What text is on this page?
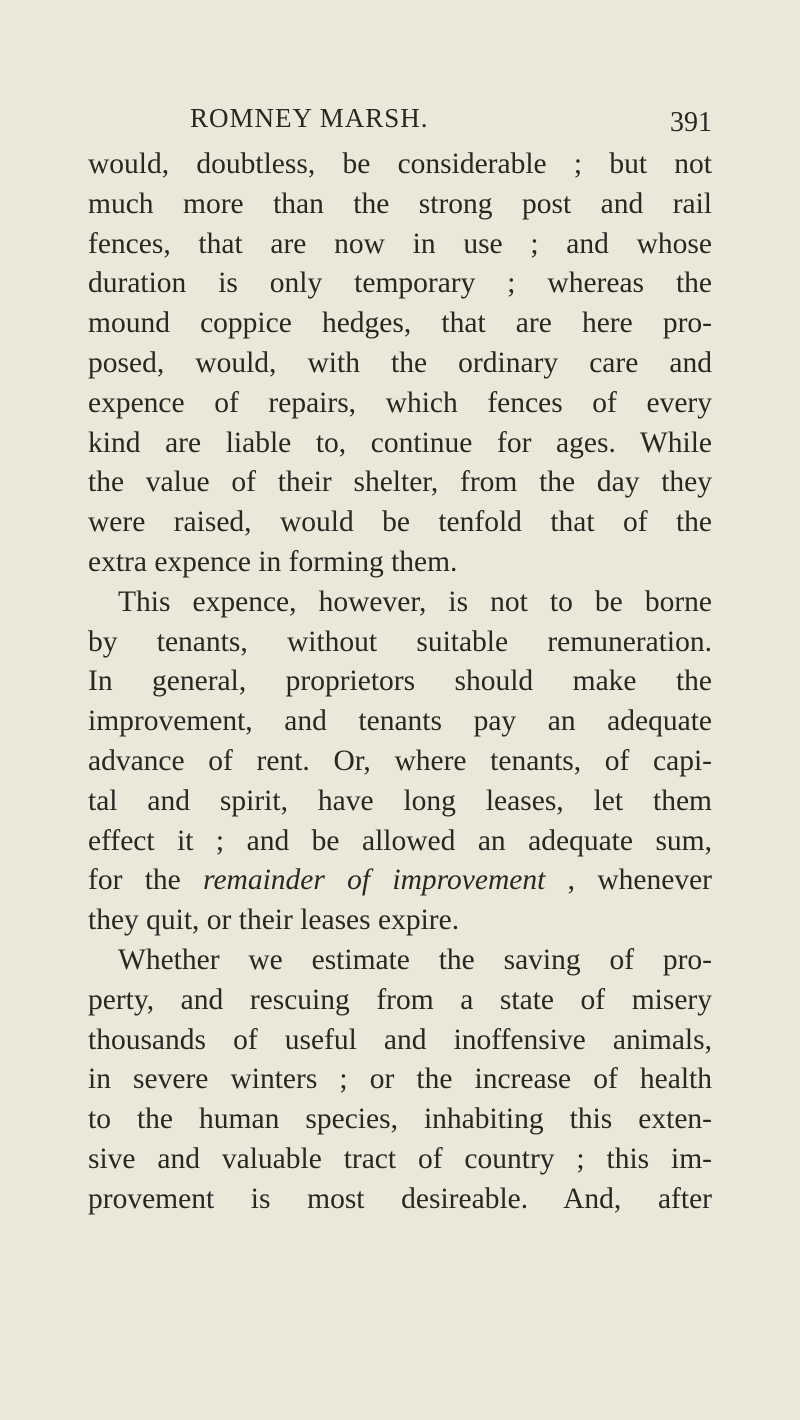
ROMNEY MARSH.	391
would, doubtless, be considerable ; but not
much more than the strong post and rail
fences, that are now in use ; and whose
duration is only temporary ; whereas the
mound coppice hedges, that are here pro-
posed, would, with the ordinary care and
expence of repairs, which fences of every
kind are liable to, continue for ages. While
the value of their shelter, from the day they
were raised, would be tenfold that of the
extra expence in forming them.
This expence, however, is not to be borne
by tenants, without suitable remuneration.
In general, proprietors should make the
improvement, and tenants pay an adequate
advance of rent. Or, where tenants, of capi-
tal and spirit, have long leases, let them
effect it ; and be allowed an adequate sum,
for the remainder of improvement , whenever
they quit, or their leases expire.
Whether we estimate the saving of pro-
perty, and rescuing from a state of misery
thousands of useful and inoffensive animals,
in severe winters ; or the increase of health
to the human species, inhabiting this exten-
sive and valuable tract of country ; this im-
provement is most desireable. And, after
